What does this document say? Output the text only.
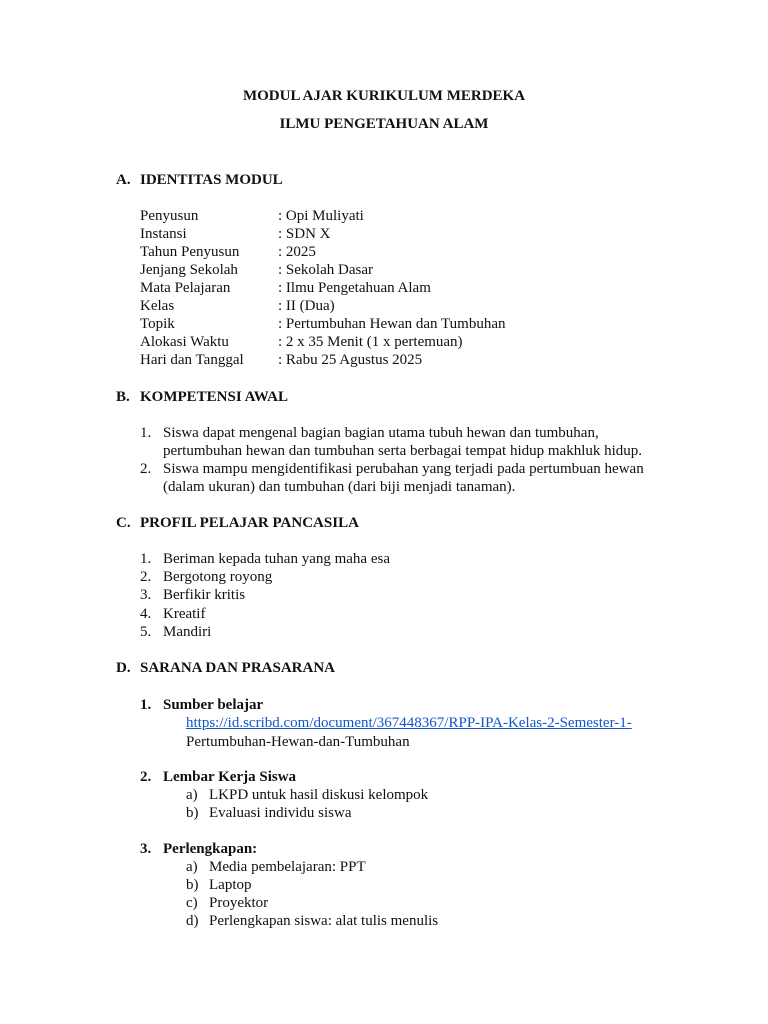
MODUL AJAR KURIKULUM MERDEKA
ILMU PENGETAHUAN ALAM
A. IDENTITAS MODUL
Penyusun	: Opi Muliyati
Instansi	: SDN X
Tahun Penyusun	: 2025
Jenjang Sekolah	: Sekolah Dasar
Mata Pelajaran	: Ilmu Pengetahuan Alam
Kelas	: II (Dua)
Topik	: Pertumbuhan Hewan dan Tumbuhan
Alokasi Waktu	: 2 x 35 Menit (1 x pertemuan)
Hari dan Tanggal : Rabu 25 Agustus 2025
B. KOMPETENSI AWAL
1. Siswa dapat mengenal bagian bagian utama tubuh hewan dan tumbuhan,
pertumbuhan hewan dan tumbuhan serta berbagai tempat hidup makhluk hidup.
2. Siswa mampu mengidentifikasi perubahan yang terjadi pada pertumbuan hewan
(dalam ukuran) dan tumbuhan (dari biji menjadi tanaman).
C. PROFIL PELAJAR PANCASILA
1. Beriman kepada tuhan yang maha esa
2. Bergotong royong
3. Berfikir kritis
4. Kreatif
5. Mandiri
D. SARANA DAN PRASARANA
1. Sumber belajar
https://id.scribd.com/document/367448367/RPP-IPA-Kelas-2-Semester-1-
Pertumbuhan-Hewan-dan-Tumbuhan
2. Lembar Kerja Siswa
a) LKPD untuk hasil diskusi kelompok
b) Evaluasi individu siswa
3. Perlengkapan:
a) Media pembelajaran: PPT
b) Laptop
c) Proyektor
d) Perlengkapan siswa: alat tulis menulis
